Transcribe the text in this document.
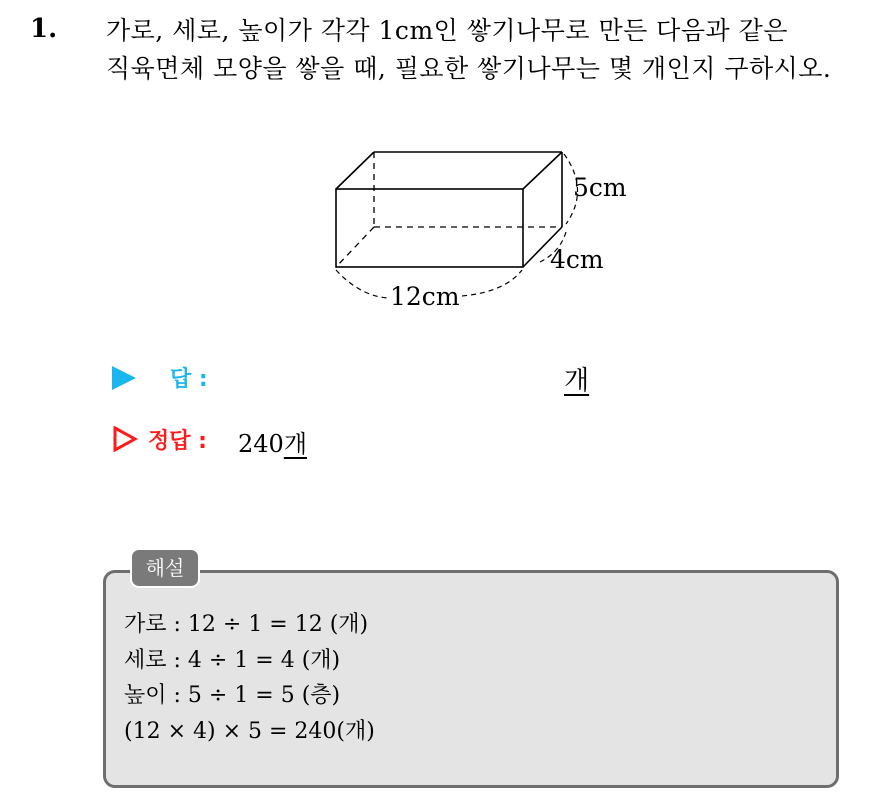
1. 가로, 세로, 높이가 각각 1cm인 쌓기나무로 만든 다음과 같은
직육면체 모양을 쌓을 때, 필요한 쌓기나무는 몇 개인지 구하시오.
5cm
4cm
12cm
답 :	개
정답 : 240개
해설
가로 : 12 ÷ 1 = 12 (개)
세로 : 4 ÷ 1 = 4 (개)
높이 : 5 ÷ 1 = 5 (층)
(12 × 4) × 5 = 240(개)
